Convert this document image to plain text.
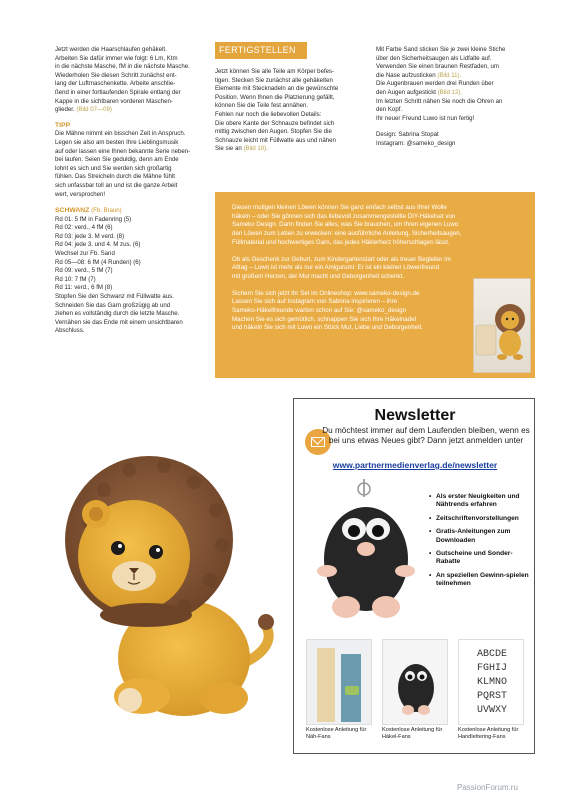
Jetzt werden die Haarschlaufen gehäkelt.

Arbeiten Sie dafür immer wie folgt: 6 Lm, Ktm

in die nächste Masche, fM in die nächste Masche.

Wiederholen Sie diesen Schritt zunächst ent-

lang der Luftmaschenkette. Arbeite anschlie-

ßend in einer fortlaufenden Spirale entlang der

Kappe in die sichtbaren vorderen Maschen-

glieder. (Bild 07—09)

TIPP

Die Mähne nimmt ein bisschen Zeit in Anspruch.

Legen sie also am besten Ihre Lieblingsmusik

auf oder lassen eine Ihnen bekannte Serie neben-

bei laufen. Seien Sie geduldig, denn am Ende

lohnt es sich und Sie werden sich großartig

fühlen. Das Streicheln durch die Mähne fühlt

sich unfassbar toll an und ist die ganze Arbeit

wert, versprochen!

SCHWANZ (Fb. Braun)

Rd 01: 5 fM in Fadenring (5)

Rd 02: verd., 4 fM (6)

Rd 03: jede 3. M verd. (8)

Rd 04: jede 3. und 4. M zus. (6)

Wechsel zur Fb. Sand

Rd 05—08: 6 fM (4 Runden) (6)

Rd 09: verd., 5 fM (7)

Rd 10: 7 fM (7)

Rd 11: verd., 6 fM (8)

Stopfen Sie den Schwanz mit Füllwatte aus.

Schneiden Sie das Garn großzügig ab und

ziehen es vollständig durch die letzte Masche.

Vernähen sie das Ende mit einem unsichtbaren

Abschluss.

FERTIGSTELLEN

Jetzt können Sie alle Teile am Körper befes-

tigen. Stecken Sie zunächst alle gehäkelten

Elemente mit Stecknadeln an die gewünschte

Position. Wenn Ihnen die Platzierung gefällt,

können Sie die Teile fest annähen.

Fehlen nur noch die liebevollen Details:

Die obere Kante der Schnauze befindet sich

mittig zwischen den Augen. Stopfen Sie die

Schnauze leicht mit Füllwatte aus und nähen

Sie sie an (Bild 10).

Mit Farbe Sand sticken Sie je zwei kleine Stiche

über den Sicherheitsaugen als Lidfalte auf.

Verwenden Sie einen braunen Restfaden, um

die Nase aufzusticken (Bild 11).

Die Augenbrauen werden drei Runden über

den Augen aufgestickt (Bild 12).

Im letzten Schritt nähen Sie noch die Ohren an

den Kopf.

Ihr neuer Freund Luwo ist nun fertig!

Design: Sabrina Stopat

Instagram: @sameko_design

Diesen mutigen kleinen Löwen können Sie ganz einfach selbst aus Ihrer Wolle

häkeln – oder Sie gönnen sich das liebevoll zusammengestellte DIY-Häkelset von

Sameko Design. Darin finden Sie alles, was Sie brauchen, um Ihren eigenen Luwo

den Löwen zum Leben zu erwecken: eine ausführliche Anleitung, Sicherheitsaugen,

Füllmaterial und hochwertiges Garn, das jedes Häklerherz höherschlagen lässt.

Ob als Geschenk zur Geburt, zum Kindergartenstart oder als treuer Begleiter im

Alltag – Luwo ist mehr als nur ein Amigurumi: Er ist ein kleiner Löwenfreund

mit großem Herzen, der Mut macht und Geborgenheit schenkt.

Sichern Sie sich jetzt Ihr Set im Onlineshop: www.sameko-design.de

Lassen Sie sich auf Instagram von Sabrina inspirieren – ihre

Sameko-Häkelfreunde warten schon auf Sie: @sameko_design

Machen Sie es sich gemütlich, schnappen Sie sich Ihre Häkelnadel

und häkeln Sie sich mit Luwo ein Stück Mut, Liebe und Geborgenheit.

Newsletter
Du möchtest immer auf dem Laufenden bleiben, wenn es bei uns etwas Neues gibt? Dann jetzt anmelden unter
www.partnermedienverlag.de/newsletter
• Als erster Neuigkeiten und Nähtrends erfahren
• Zeitschriftenvorstellungen
• Gratis-Anleitungen zum Downloaden
• Gutscheine und Sonder-Rabatte
• An speziellen Gewinn-spielen teilnehmen
ABCDE
FGHIJ
KLMNO
PQRST
UVWXY
Kostenlose Anleitung für Näh-Fans
Kostenlose Anleitung für Häkel-Fans
Kostenlose Anleitung für Handlettering-Fans
PassionForum.ru
